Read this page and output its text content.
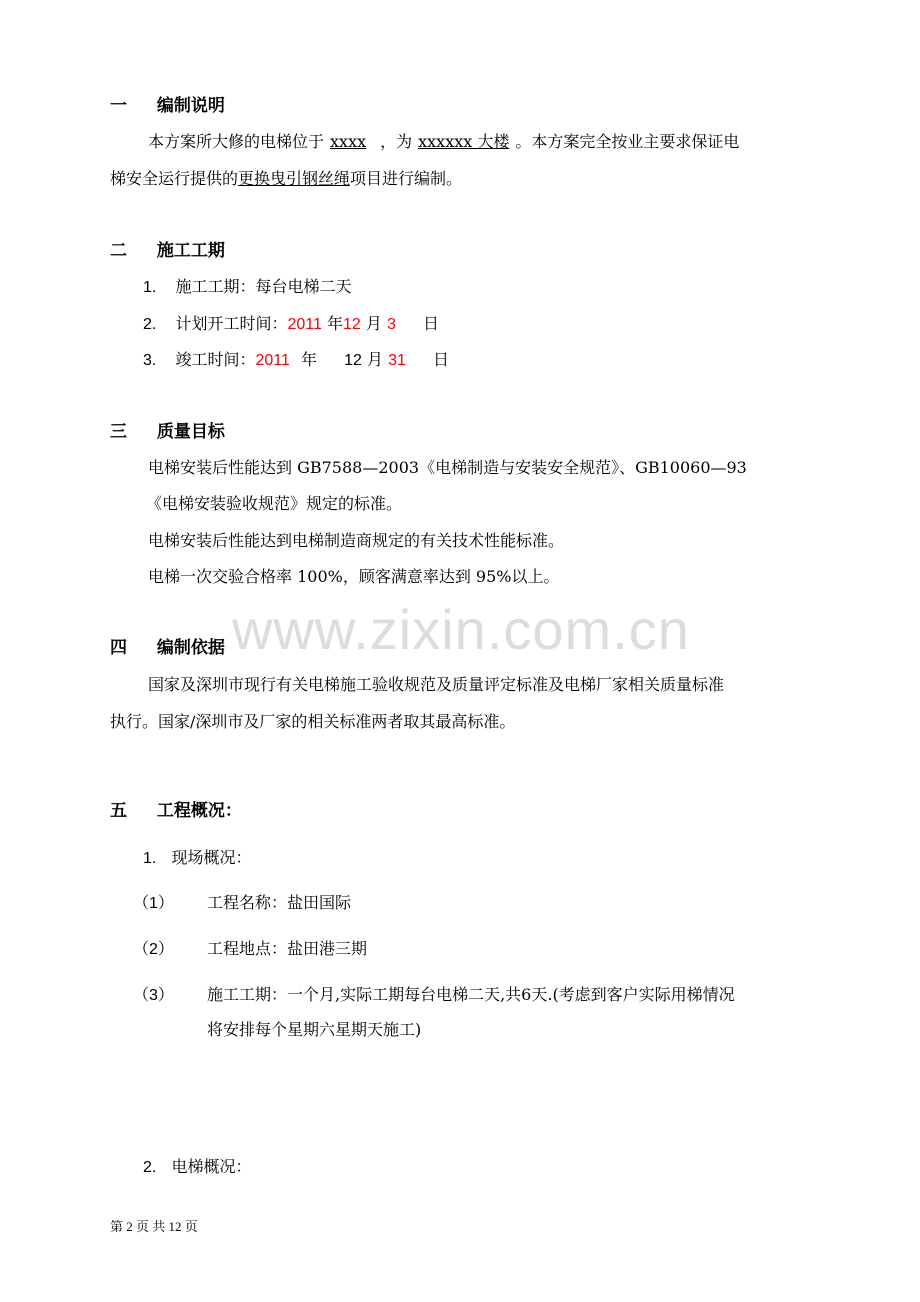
一 编制说明
本方案所大修的电梯位于 xxxx ，为 xxxxxx 大楼 。本方案完全按业主要求保证电
梯安全运行提供的更换曳引钢丝绳项目进行编制。
二 施工工期
1. 施工工期：每台电梯二天
2. 计划开工时间：2011 年12 月 3 日
3. 竣工时间：2011 年 12 月 31 日
三 质量目标
电梯安装后性能达到 GB7588—2003《电梯制造与安装安全规范》、GB10060—93
《电梯安装验收规范》规定的标准。
电梯安装后性能达到电梯制造商规定的有关技术性能标准。
电梯一次交验合格率 100%，顾客满意率达到 95%以上。
www.zixin.com.cn
四 编制依据
国家及深圳市现行有关电梯施工验收规范及质量评定标准及电梯厂家相关质量标准
执行。国家/深圳市及厂家的相关标准两者取其最高标准。
五 工程概况：
1. 现场概况：
（1） 工程名称：盐田国际
（2） 工程地点：盐田港三期
（3） 施工工期：一个月,实际工期每台电梯二天,共6天.(考虑到客户实际用梯情况
将安排每个星期六星期天施工)
2. 电梯概况：
第 2 页 共 12 页
